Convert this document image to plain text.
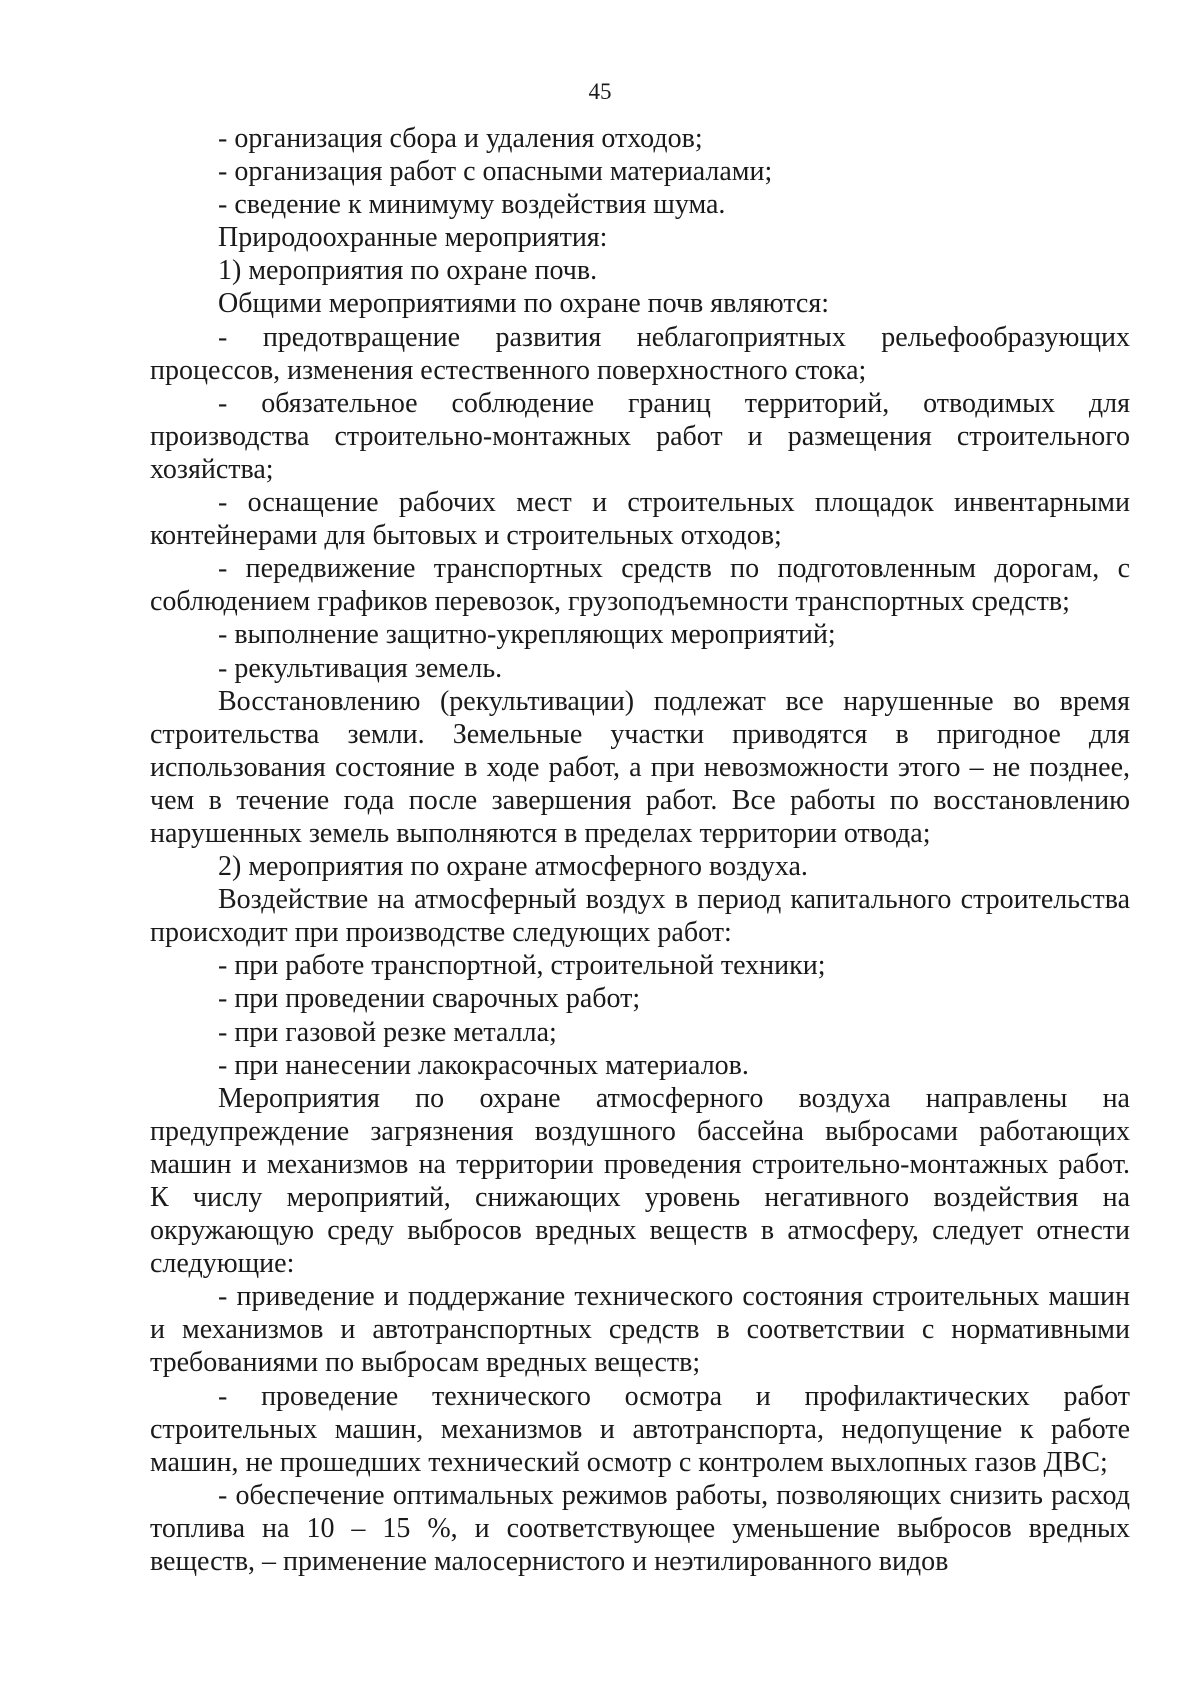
45

- организация сбора и удаления отходов;

- организация работ с опасными материалами;

- сведение к минимуму воздействия шума.

Природоохранные мероприятия:

1) мероприятия по охране почв.

Общими мероприятиями по охране почв являются:

- предотвращение развития неблагоприятных рельефообразующих процессов, изменения естественного поверхностного стока;

- обязательное соблюдение границ территорий, отводимых для производства строительно-монтажных работ и размещения строительного хозяйства;

- оснащение рабочих мест и строительных площадок инвентарными контейнерами для бытовых и строительных отходов;

- передвижение транспортных средств по подготовленным дорогам, с соблюдением графиков перевозок, грузоподъемности транспортных средств;

- выполнение защитно-укрепляющих мероприятий;

- рекультивация земель.

Восстановлению (рекультивации) подлежат все нарушенные во время строительства земли. Земельные участки приводятся в пригодное для использования состояние в ходе работ, а при невозможности этого – не позднее, чем в течение года после завершения работ. Все работы по восстановлению нарушенных земель выполняются в пределах территории отвода;

2) мероприятия по охране атмосферного воздуха.

Воздействие на атмосферный воздух в период капитального строительства происходит при производстве следующих работ:

- при работе транспортной, строительной техники;

- при проведении сварочных работ;

- при газовой резке металла;

- при нанесении лакокрасочных материалов.

Мероприятия по охране атмосферного воздуха направлены на предупреждение загрязнения воздушного бассейна выбросами работающих машин и механизмов на территории проведения строительно-монтажных работ. К числу мероприятий, снижающих уровень негативного воздействия на окружающую среду выбросов вредных веществ в атмосферу, следует отнести следующие:

- приведение и поддержание технического состояния строительных машин и механизмов и автотранспортных средств в соответствии с нормативными требованиями по выбросам вредных веществ;

- проведение технического осмотра и профилактических работ строительных машин, механизмов и автотранспорта, недопущение к работе машин, не прошедших технический осмотр с контролем выхлопных газов ДВС;

- обеспечение оптимальных режимов работы, позволяющих снизить расход топлива на 10 – 15 %, и соответствующее уменьшение выбросов вредных веществ, – применение малосернистого и неэтилированного видов
